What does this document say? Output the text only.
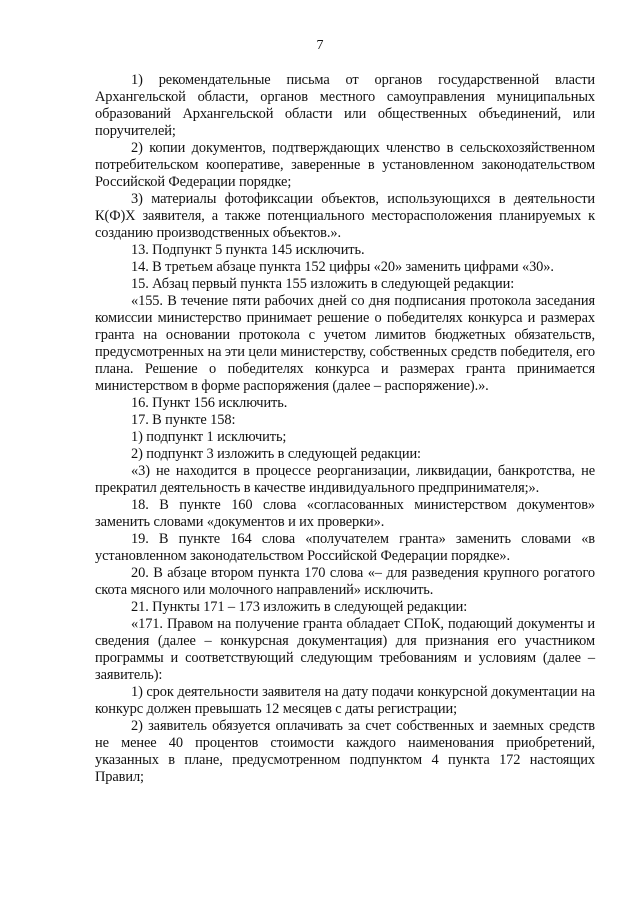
7

1) рекомендательные письма от органов государственной власти Архангельской области, органов местного самоуправления муниципальных образований Архангельской области или общественных объединений, или поручителей;

2) копии документов, подтверждающих членство в сельскохозяйственном потребительском кооперативе, заверенные в установленном законодательством Российской Федерации порядке;

3) материалы фотофиксации объектов, использующихся в деятельности К(Ф)Х заявителя, а также потенциального месторасположения планируемых к созданию производственных объектов.».

13. Подпункт 5 пункта 145 исключить.

14. В третьем абзаце пункта 152 цифры «20» заменить цифрами «30».

15. Абзац первый пункта 155 изложить в следующей редакции:

«155. В течение пяти рабочих дней со дня подписания протокола заседания комиссии министерство принимает решение о победителях конкурса и размерах гранта на основании протокола с учетом лимитов бюджетных обязательств, предусмотренных на эти цели министерству, собственных средств победителя, его плана. Решение о победителях конкурса и размерах гранта принимается министерством в форме распоряжения (далее – распоряжение).».

16. Пункт 156 исключить.

17. В пункте 158:

1) подпункт 1 исключить;

2) подпункт 3 изложить в следующей редакции:

«3) не находится в процессе реорганизации, ликвидации, банкротства, не прекратил деятельность в качестве индивидуального предпринимателя;».

18. В пункте 160 слова «согласованных министерством документов» заменить словами «документов и их проверки».

19. В пункте 164 слова «получателем гранта» заменить словами «в установленном законодательством Российской Федерации порядке».

20. В абзаце втором пункта 170 слова «– для разведения крупного рогатого скота мясного или молочного направлений» исключить.

21. Пункты 171 – 173 изложить в следующей редакции:

«171. Правом на получение гранта обладает СПоК, подающий документы и сведения (далее – конкурсная документация) для признания его участником программы и соответствующий следующим требованиям и условиям (далее – заявитель):

1) срок деятельности заявителя на дату подачи конкурсной документации на конкурс должен превышать 12 месяцев с даты регистрации;

2) заявитель обязуется оплачивать за счет собственных и заемных средств не менее 40 процентов стоимости каждого наименования приобретений, указанных в плане, предусмотренном подпунктом 4 пункта 172 настоящих Правил;
